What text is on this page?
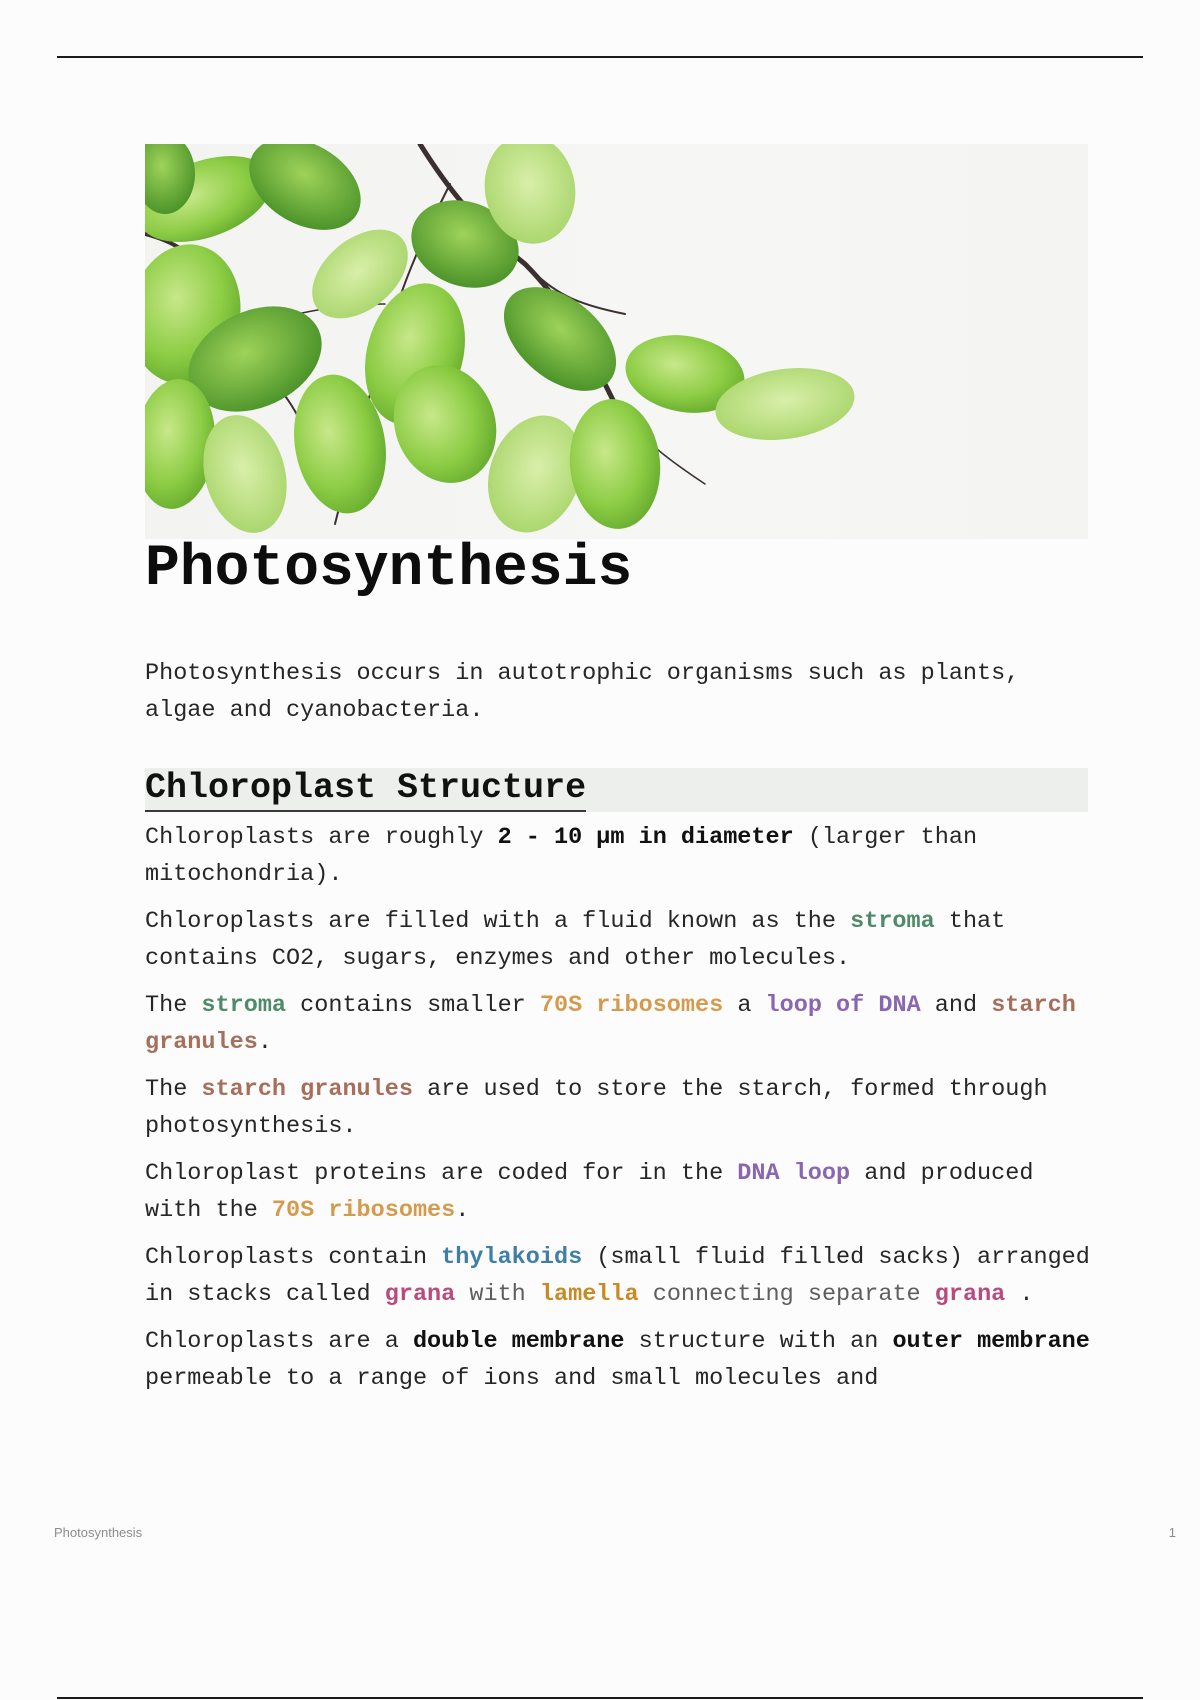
Photosynthesis

Photosynthesis occurs in autotrophic organisms such as plants, algae and cyanobacteria.

Chloroplast Structure

Chloroplasts are roughly 2 - 10 µm in diameter (larger than mitochondria).

Chloroplasts are filled with a fluid known as the stroma that contains CO2, sugars, enzymes and other molecules.

The stroma contains smaller 70S ribosomes a loop of DNA and starch granules.

The starch granules are used to store the starch, formed through photosynthesis.

Chloroplast proteins are coded for in the DNA loop and produced with the 70S ribosomes.

Chloroplasts contain thylakoids (small fluid filled sacks) arranged in stacks called grana with lamella connecting separate grana .

Chloroplasts are a double membrane structure with an outer membrane permeable to a range of ions and small molecules and

Photosynthesis	1
